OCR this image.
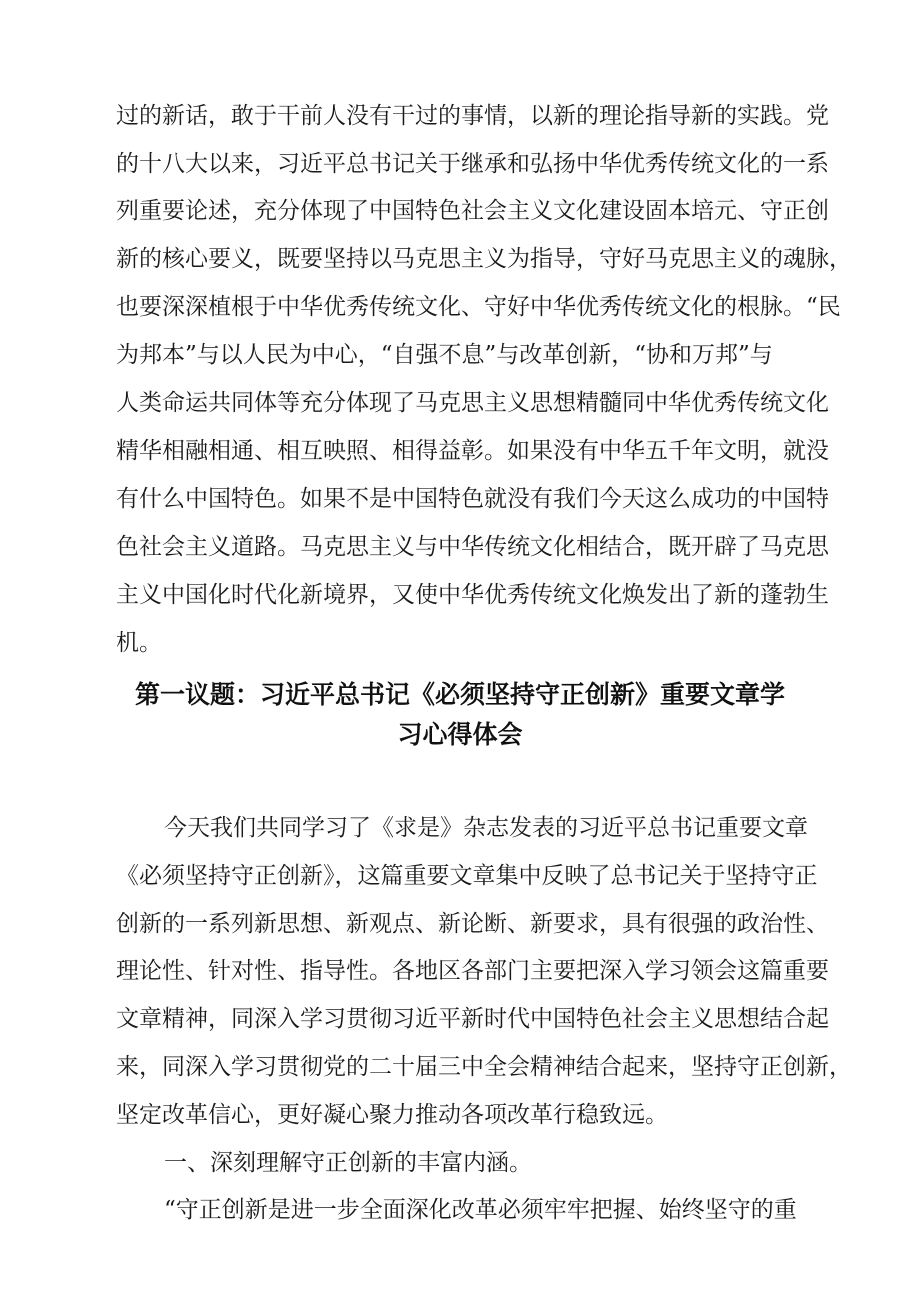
过的新话，敢于干前人没有干过的事情，以新的理论指导新的实践。党

的十八大以来，习近平总书记关于继承和弘扬中华优秀传统文化的一系

列重要论述，充分体现了中国特色社会主义文化建设固本培元、守正创

新的核心要义，既要坚持以马克思主义为指导，守好马克思主义的魂脉，

也要深深植根于中华优秀传统文化、守好中华优秀传统文化的根脉。“民

为邦本”与以人民为中心，“自强不息”与改革创新，“协和万邦”与

人类命运共同体等充分体现了马克思主义思想精髓同中华优秀传统文化

精华相融相通、相互映照、相得益彰。如果没有中华五千年文明，就没

有什么中国特色。如果不是中国特色就没有我们今天这么成功的中国特

色社会主义道路。马克思主义与中华传统文化相结合，既开辟了马克思

主义中国化时代化新境界，又使中华优秀传统文化焕发出了新的蓬勃生

机。

第一议题：习近平总书记《必须坚持守正创新》重要文章学
习心得体会

今天我们共同学习了《求是》杂志发表的习近平总书记重要文章

《必须坚持守正创新》，这篇重要文章集中反映了总书记关于坚持守正

创新的一系列新思想、新观点、新论断、新要求，具有很强的政治性、

理论性、针对性、指导性。各地区各部门主要把深入学习领会这篇重要

文章精神，同深入学习贯彻习近平新时代中国特色社会主义思想结合起

来，同深入学习贯彻党的二十届三中全会精神结合起来，坚持守正创新，

坚定改革信心，更好凝心聚力推动各项改革行稳致远。

一、深刻理解守正创新的丰富内涵。

“守正创新是进一步全面深化改革必须牢牢把握、始终坚守的重
